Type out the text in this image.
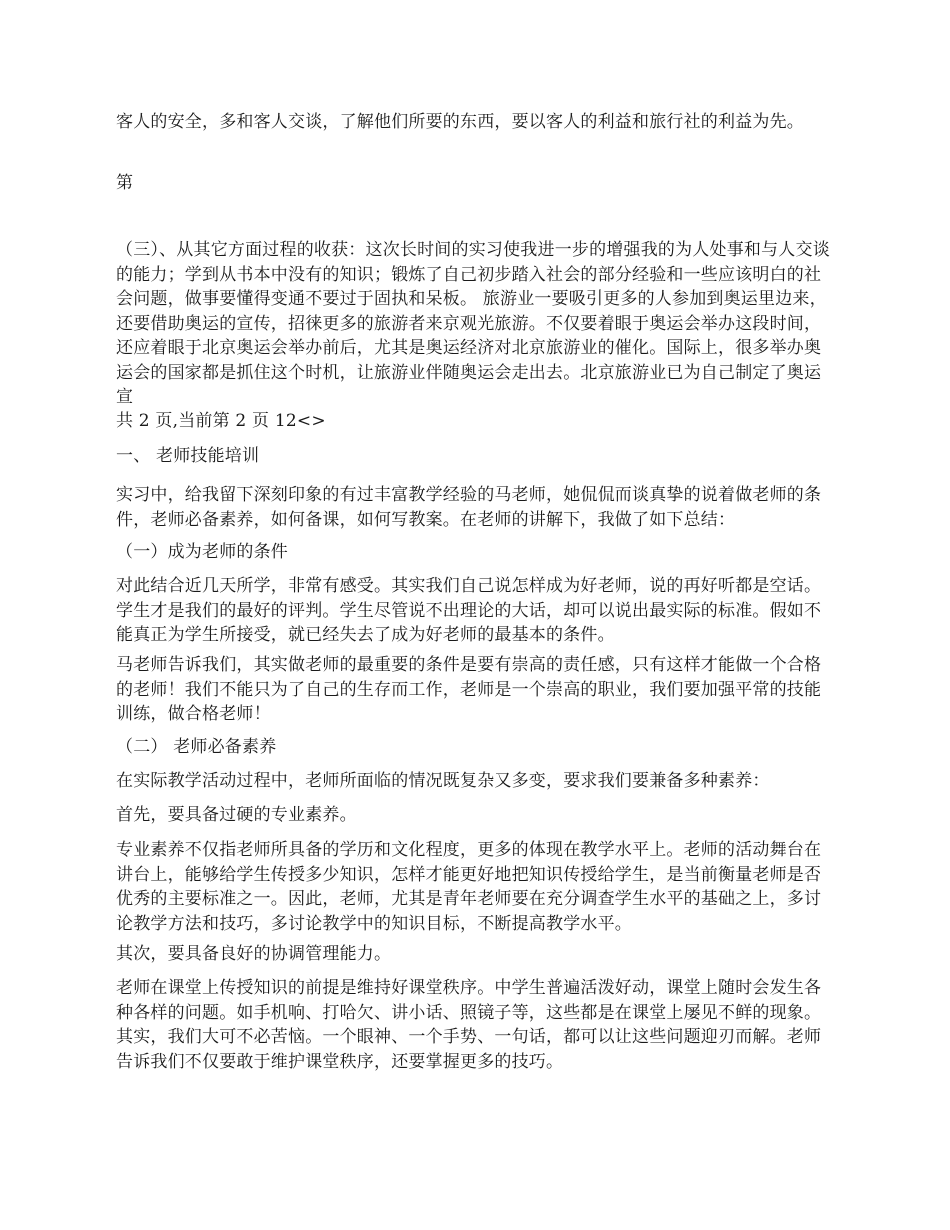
客人的安全，多和客人交谈，了解他们所要的东西，要以客人的利益和旅行社的利益为先。

第

（三）、从其它方面过程的收获：这次长时间的实习使我进一步的增强我的为人处事和与人交谈的能力；学到从书本中没有的知识；锻炼了自己初步踏入社会的部分经验和一些应该明白的社会问题，做事要懂得变通不要过于固执和呆板。 旅游业一要吸引更多的人参加到奥运里边来，还要借助奥运的宣传，招徕更多的旅游者来京观光旅游。不仅要着眼于奥运会举办这段时间，还应着眼于北京奥运会举办前后，尤其是奥运经济对北京旅游业的催化。国际上，很多举办奥运会的国家都是抓住这个时机，让旅游业伴随奥运会走出去。北京旅游业已为自己制定了奥运宣

共 2 页,当前第 2 页 12<>

一、 老师技能培训

实习中，给我留下深刻印象的有过丰富教学经验的马老师，她侃侃而谈真挚的说着做老师的条件，老师必备素养，如何备课，如何写教案。在老师的讲解下，我做了如下总结：

（一）成为老师的条件

对此结合近几天所学，非常有感受。其实我们自己说怎样成为好老师，说的再好听都是空话。学生才是我们的最好的评判。学生尽管说不出理论的大话，却可以说出最实际的标准。假如不能真正为学生所接受，就已经失去了成为好老师的最基本的条件。

马老师告诉我们，其实做老师的最重要的条件是要有崇高的责任感，只有这样才能做一个合格的老师！我们不能只为了自己的生存而工作，老师是一个崇高的职业，我们要加强平常的技能训练，做合格老师！

（二） 老师必备素养

在实际教学活动过程中，老师所面临的情况既复杂又多变，要求我们要兼备多种素养：

首先，要具备过硬的专业素养。

专业素养不仅指老师所具备的学历和文化程度，更多的体现在教学水平上。老师的活动舞台在讲台上，能够给学生传授多少知识，怎样才能更好地把知识传授给学生，是当前衡量老师是否优秀的主要标准之一。因此，老师，尤其是青年老师要在充分调查学生水平的基础之上，多讨论教学方法和技巧，多讨论教学中的知识目标，不断提高教学水平。

其次，要具备良好的协调管理能力。

老师在课堂上传授知识的前提是维持好课堂秩序。中学生普遍活泼好动，课堂上随时会发生各种各样的问题。如手机响、打哈欠、讲小话、照镜子等，这些都是在课堂上屡见不鲜的现象。其实，我们大可不必苦恼。一个眼神、一个手势、一句话，都可以让这些问题迎刃而解。老师告诉我们不仅要敢于维护课堂秩序，还要掌握更多的技巧。
